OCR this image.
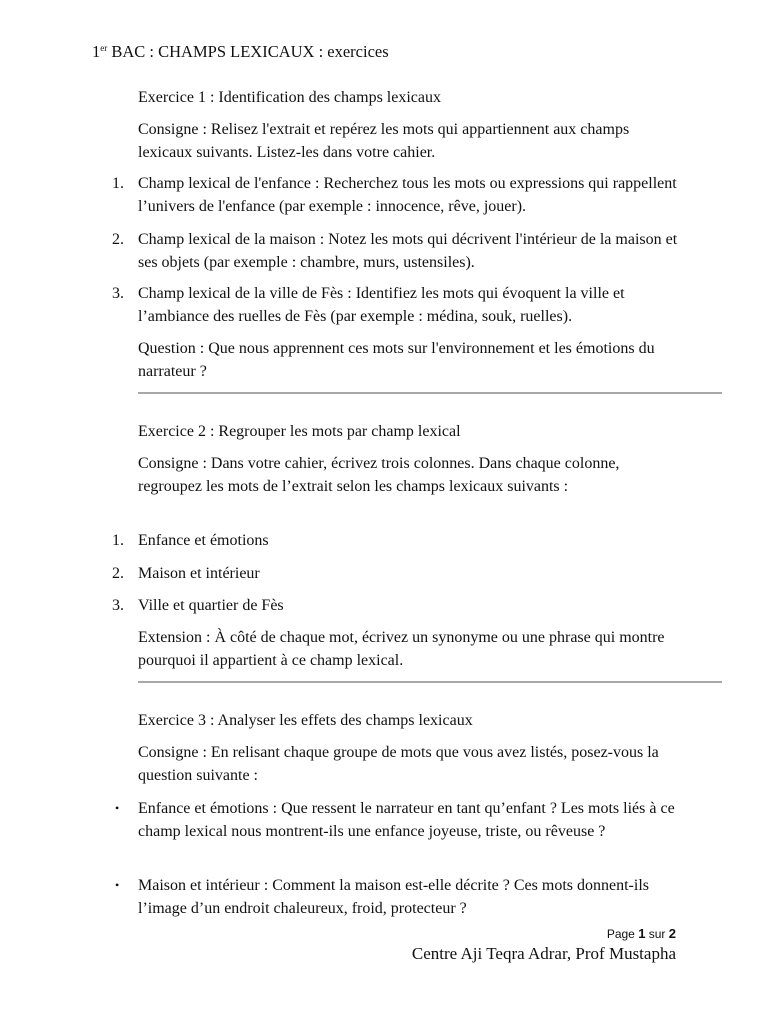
1er BAC : CHAMPS LEXICAUX : exercices

Exercice 1 : Identification des champs lexicaux

Consigne : Relisez l'extrait et repérez les mots qui appartiennent aux champs lexicaux suivants. Listez-les dans votre cahier.

1. Champ lexical de l'enfance : Recherchez tous les mots ou expressions qui rappellent l’univers de l'enfance (par exemple : innocence, rêve, jouer).

2. Champ lexical de la maison : Notez les mots qui décrivent l'intérieur de la maison et ses objets (par exemple : chambre, murs, ustensiles).

3. Champ lexical de la ville de Fès : Identifiez les mots qui évoquent la ville et l’ambiance des ruelles de Fès (par exemple : médina, souk, ruelles).

Question : Que nous apprennent ces mots sur l'environnement et les émotions du narrateur ?

Exercice 2 : Regrouper les mots par champ lexical

Consigne : Dans votre cahier, écrivez trois colonnes. Dans chaque colonne, regroupez les mots de l’extrait selon les champs lexicaux suivants :

1. Enfance et émotions

2. Maison et intérieur

3. Ville et quartier de Fès

Extension : À côté de chaque mot, écrivez un synonyme ou une phrase qui montre pourquoi il appartient à ce champ lexical.

Exercice 3 : Analyser les effets des champs lexicaux

Consigne : En relisant chaque groupe de mots que vous avez listés, posez-vous la question suivante :

• Enfance et émotions : Que ressent le narrateur en tant qu’enfant ? Les mots liés à ce champ lexical nous montrent-ils une enfance joyeuse, triste, ou rêveuse ?

• Maison et intérieur : Comment la maison est-elle décrite ? Ces mots donnent-ils l’image d’un endroit chaleureux, froid, protecteur ?

Page 1 sur 2
Centre Aji Teqra Adrar, Prof Mustapha
